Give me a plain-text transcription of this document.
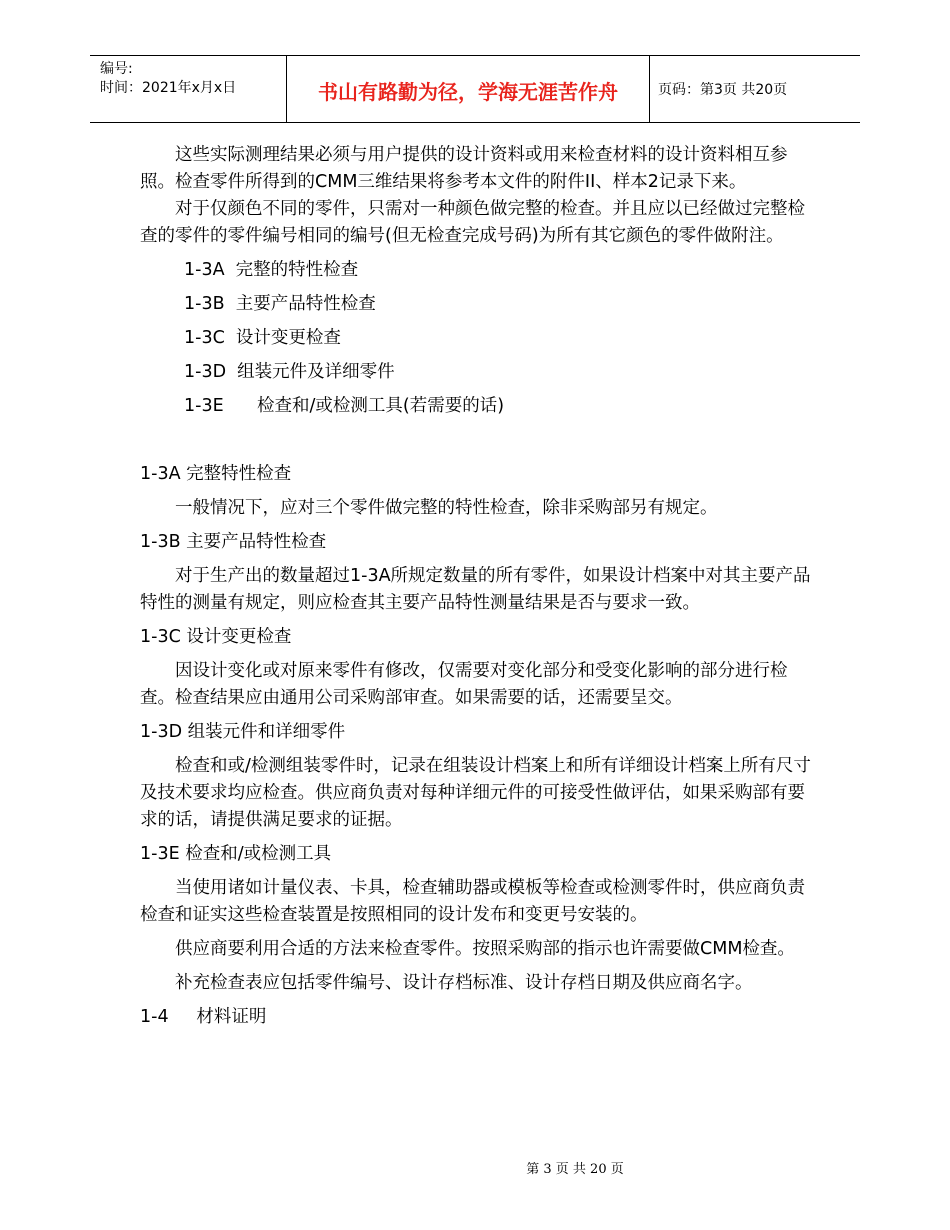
编号:
时间：2021年x月x日	书山有路勤为径，学海无涯苦作舟	页码：第3页 共20页

这些实际测理结果必须与用户提供的设计资料或用来检查材料的设计资料相互参照。检查零件所得到的CMM三维结果将参考本文件的附件II、样本2记录下来。

对于仅颜色不同的零件，只需对一种颜色做完整的检查。并且应以已经做过完整检查的零件的零件编号相同的编号(但无检查完成号码)为所有其它颜色的零件做附注。

1-3A  完整的特性检查

1-3B  主要产品特性检查

1-3C  设计变更检查

1-3D  组装元件及详细零件

1-3E      检查和/或检测工具(若需要的话)

1-3A 完整特性检查

一般情况下，应对三个零件做完整的特性检查，除非采购部另有规定。

1-3B 主要产品特性检查

对于生产出的数量超过1-3A所规定数量的所有零件，如果设计档案中对其主要产品特性的测量有规定，则应检查其主要产品特性测量结果是否与要求一致。

1-3C 设计变更检查

因设计变化或对原来零件有修改，仅需要对变化部分和受变化影响的部分进行检查。检查结果应由通用公司采购部审查。如果需要的话，还需要呈交。

1-3D 组装元件和详细零件

检查和或/检测组装零件时，记录在组装设计档案上和所有详细设计档案上所有尺寸及技术要求均应检查。供应商负责对每种详细元件的可接受性做评估，如果采购部有要求的话，请提供满足要求的证据。

1-3E 检查和/或检测工具

当使用诸如计量仪表、卡具，检查辅助器或模板等检查或检测零件时，供应商负责检查和证实这些检查装置是按照相同的设计发布和变更号安装的。

供应商要利用合适的方法来检查零件。按照采购部的指示也许需要做CMM检查。

补充检查表应包括零件编号、设计存档标准、设计存档日期及供应商名字。

1-4     材料证明

第 3 页 共 20 页
